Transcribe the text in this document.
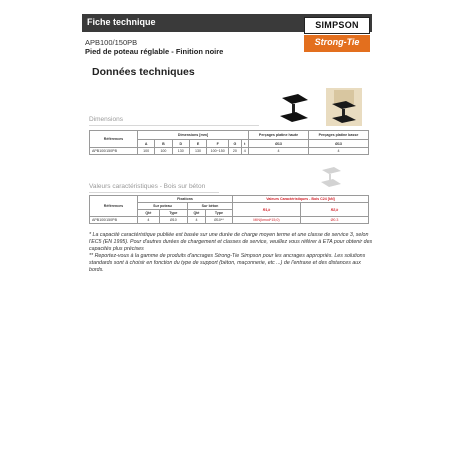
Fiche technique	SIMPSON
Strong-Tie
APB100/150PB
Pied de poteau réglable - Finition noire
Données techniques
Dimensions
Références	Dimensions [mm]							Perçages platine haute	Perçages platine basse
	A	B	D	E	F	G	t	Ø13	Ø13
APB100/150PB	100	100	130	130	100~150	20	4	4	4
Valeurs caractéristiques - Bois sur béton
Références	Fixations				Valeurs Caractéristiques - Bois C24 [kN]	
	Sur poteau		Sur béton		R1,k	R2,k
	Qté	Type	Qté	Type		
APB100/150PB	4	Ø10	4	Ø10**	MIN(kmod*15;0)	Ø0.3

* La capacité caractéristique publiée est basée sur une durée de charge moyen terme et une classe de service 3, selon l'EC5 (EN 1995). Pour d'autres durées de chargement et classes de service, veuillez vous référer à ETA pour obtenir des capacités plus précises

** Reportez-vous à la gamme de produits d'ancrages Strong-Tie Simpson pour les ancrages appropriés. Les solutions standards sont à choisir en fonction du type de support (béton, maçonnerie, etc ...) de l'entraxe et des distances aux bords.
